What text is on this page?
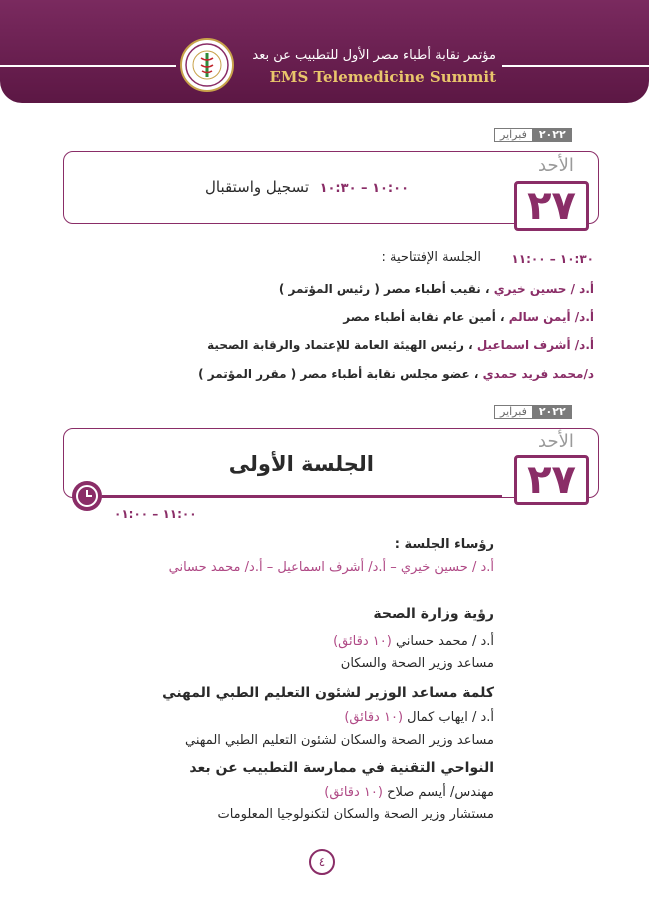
مؤتمر نقابة أطباء مصر الأول للتطبيب عن بعد
EMS Telemedicine Summit
فبراير	٢٠٢٢
الأحد
٢٧
١٠:٠٠ – ١٠:٣٠
تسجيل واستقبال
١٠:٣٠ – ١١:٠٠
الجلسة الإفتتاحية :
أ.د / حسين خيري ، نقيب أطباء مصر ( رئيس المؤتمر )
أ.د/ أيمن سالم ، أمين عام نقابة أطباء مصر
أ.د/ أشرف اسماعيل ، رئيس الهيئة العامة للإعتماد والرقابة الصحية
د/محمد فريد حمدي ، عضو مجلس نقابة أطباء مصر ( مقرر المؤتمر )
فبراير	٢٠٢٢
الأحد
٢٧
الجلسة الأولى
١١:٠٠ – ٠١:٠٠
رؤساء الجلسة :
أ.د / حسين خيري – أ.د/ أشرف اسماعيل – أ.د/ محمد حساني
رؤية وزارة الصحة
أ.د / محمد حساني (١٠ دقائق)
مساعد وزير الصحة والسكان
كلمة مساعد الوزير لشئون التعليم الطبي المهني
أ.د / ايهاب كمال (١٠ دقائق)
مساعد وزير الصحة والسكان لشئون التعليم الطبي المهني
النواحي التقنية في ممارسة التطبيب عن بعد
مهندس/ أيسم صلاح (١٠ دقائق)
مستشار وزير الصحة والسكان لتكنولوجيا المعلومات
٤
